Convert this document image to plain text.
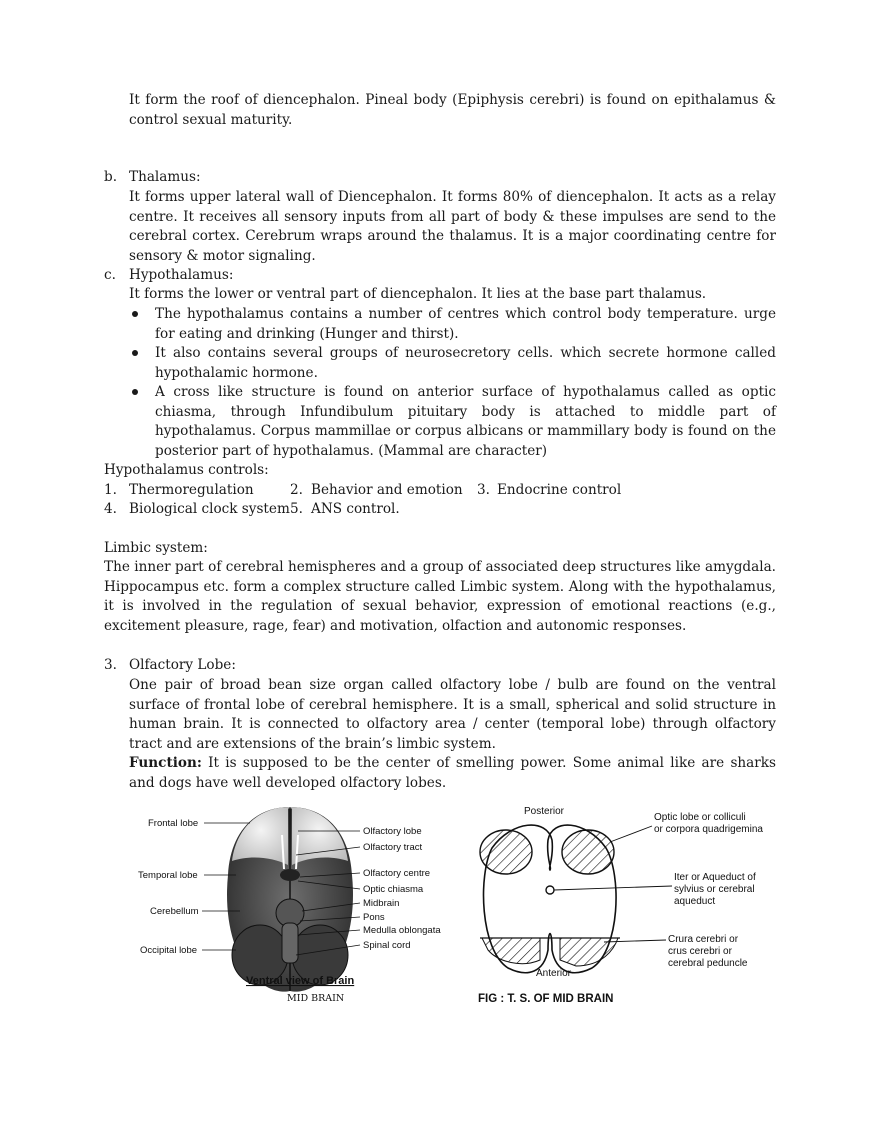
It form the roof of diencephalon. Pineal body (Epiphysis cerebri) is found on epithalamus & control sexual maturity.
b. Thalamus:
It forms upper lateral wall of Diencephalon. It forms 80% of diencephalon. It acts as a relay centre. It receives all sensory inputs from all part of body & these impulses are send to the cerebral cortex. Cerebrum wraps around the thalamus. It is a major coordinating centre for sensory & motor signaling.
c. Hypothalamus:
It forms the lower or ventral part of diencephalon. It lies at the base part thalamus.
The hypothalamus contains a number of centres which control body temperature. urge for eating and drinking (Hunger and thirst).
It also contains several groups of neurosecretory cells. which secrete hormone called hypothalamic hormone.
A cross like structure is found on anterior surface of hypothalamus called as optic chiasma, through Infundibulum pituitary body is attached to middle part of hypothalamus. Corpus mammillae or corpus albicans or mammillary body is found on the posterior part of hypothalamus. (Mammal are character)
Hypothalamus controls:
1. Thermoregulation	2. Behavior and emotion 3. Endocrine control
4. Biological clock system 5. ANS control.
Limbic system:
The inner part of cerebral hemispheres and a group of associated deep structures like amygdala. Hippocampus etc. form a complex structure called Limbic system. Along with the hypothalamus, it is involved in the regulation of sexual behavior, expression of emotional reactions (e.g., excitement pleasure, rage, fear) and motivation, olfaction and autonomic responses.
3. Olfactory Lobe:
One pair of broad bean size organ called olfactory lobe / bulb are found on the ventral surface of frontal lobe of cerebral hemisphere. It is a small, spherical and solid structure in human brain. It is connected to olfactory area / center (temporal lobe) through olfactory tract and are extensions of the brain’s limbic system.
Function: It is supposed to be the center of smelling power. Some animal like are sharks and dogs have well developed olfactory lobes.
Frontal lobe
Temporal lobe
Cerebellum
Occipital lobe
Olfactory lobe
Olfactory tract
Olfactory centre
Optic chiasma
Midbrain
Pons
Medulla oblongata
Spinal cord
Ventral view of Brain
MID BRAIN
Posterior
Anterior
Optic lobe or colliculi
or corpora quadrigemina
Iter or Aqueduct of
sylvius or cerebral
aqueduct
Crura cerebri or
crus cerebri or
cerebral peduncle
FIG : T. S. OF MID BRAIN
